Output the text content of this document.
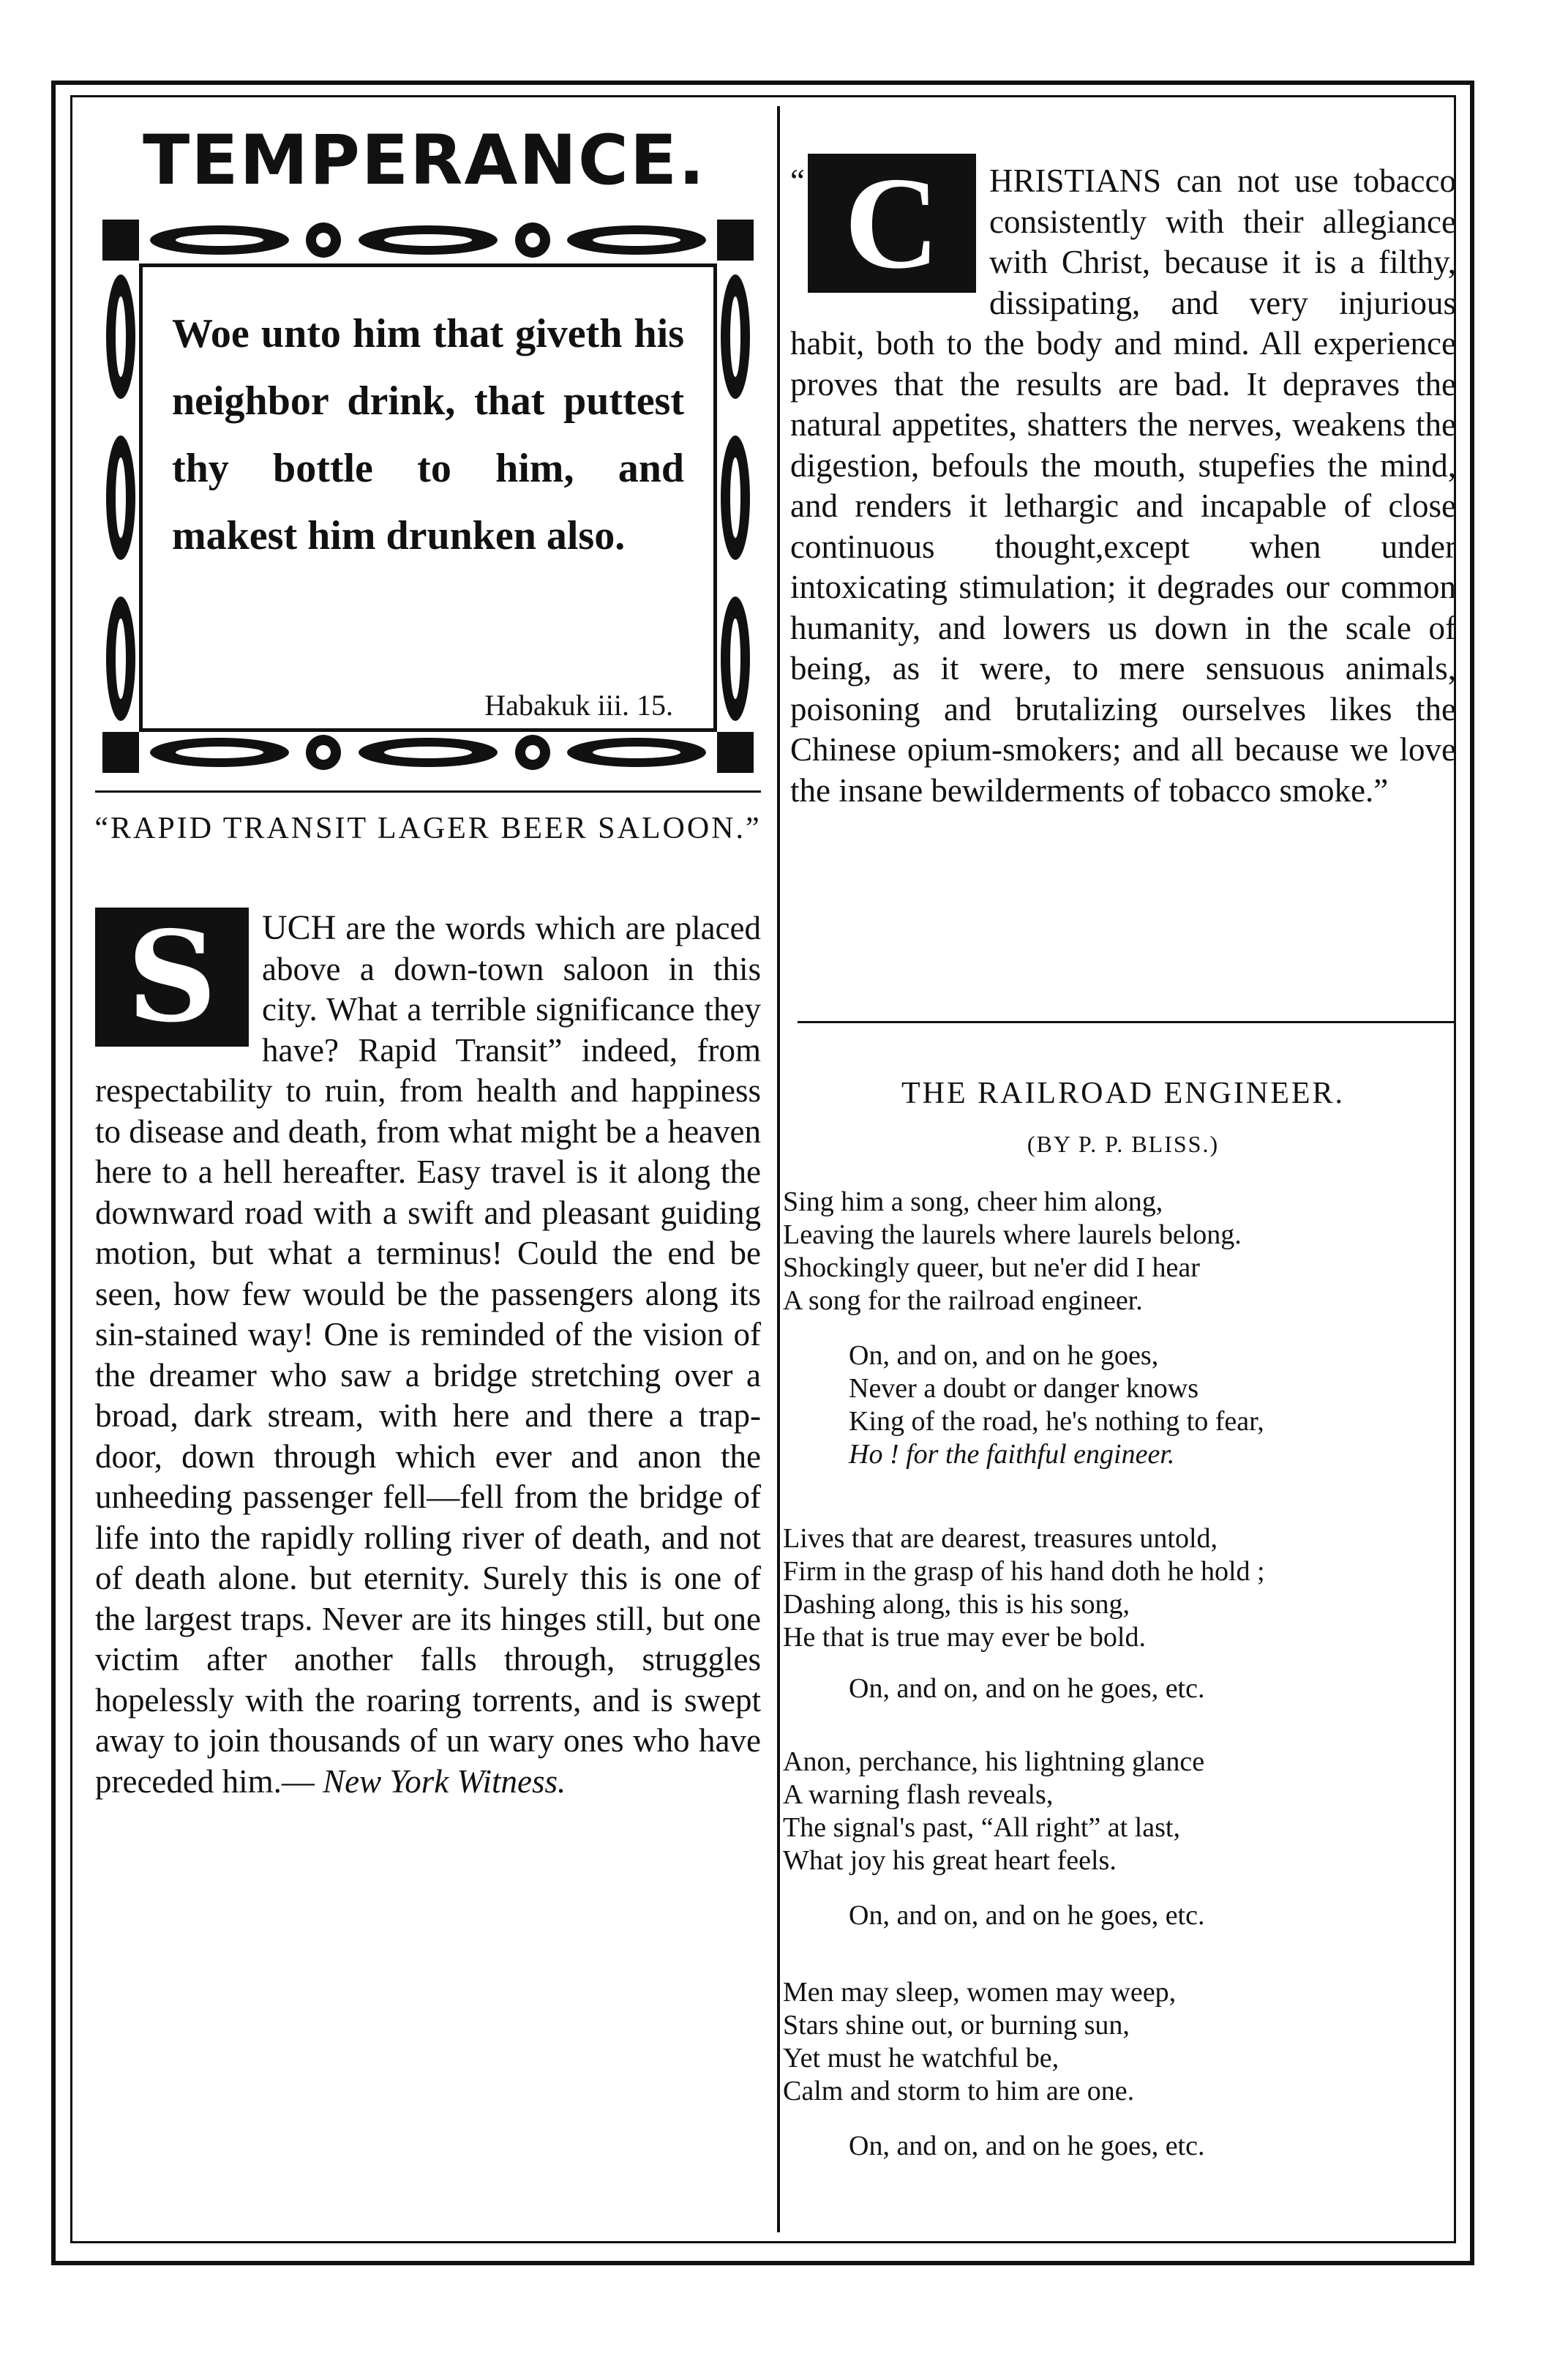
TEMPERANCE.
Woe unto him that giveth his neighbor drink, that puttest thy bottle to him, and makest him drunken also.
Habakuk iii. 15.
“RAPID TRANSIT LAGER BEER SALOON.”
S	UCH are the words which are placed above a down-town saloon in this city. What a terrible significance they have? Rapid Transit” indeed, from respectability to ruin, from health and happiness to disease and death, from what might be a heaven here to a hell hereafter. Easy travel is it along the downward road with a swift and pleasant guiding motion, but what a terminus! Could the end be seen, how few would be the passengers along its sin-stained way! One is reminded of the vision of the dreamer who saw a bridge stretching over a broad, dark stream, with here and there a trap-door, down through which ever and anon the unheeding passenger fell—fell from the bridge of life into the rapidly rolling river of death, and not of death alone. but eternity. Surely this is one of the largest traps. Never are its hinges still, but one victim after another falls through, struggles hopelessly with the roaring torrents, and is swept away to join thousands of un wary ones who have preceded him.— New York Witness.
“ C	HRISTIANS can not use tobacco consistently with their allegiance with Christ, because it is a filthy, dissipating, and very injurious habit, both to the body and mind. All experience proves that the results are bad. It depraves the natural appetites, shatters the nerves, weakens the digestion, befouls the mouth, stupefies the mind, and renders it lethargic and incapable of close continuous thought,except when under intoxicating stimulation; it degrades our common humanity, and lowers us down in the scale of being, as it were, to mere sensuous animals, poisoning and brutalizing ourselves likes the Chinese opium-smokers; and all because we love the insane bewilderments of tobacco smoke.”
THE RAILROAD ENGINEER.
(BY P. P. BLISS.)
Sing him a song, cheer him along,
Leaving the laurels where laurels belong.
Shockingly queer, but ne'er did I hear
A song for the railroad engineer.
On, and on, and on he goes,
Never a doubt or danger knows
King of the road, he's nothing to fear,
Ho ! for the faithful engineer.
Lives that are dearest, treasures untold,
Firm in the grasp of his hand doth he hold ;
Dashing along, this is his song,
He that is true may ever be bold.
On, and on, and on he goes, etc.
Anon, perchance, his lightning glance
A warning flash reveals,
The signal's past, “All right” at last,
What joy his great heart feels.
On, and on, and on he goes, etc.
Men may sleep, women may weep,
Stars shine out, or burning sun,
Yet must he watchful be,
Calm and storm to him are one.
On, and on, and on he goes, etc.
